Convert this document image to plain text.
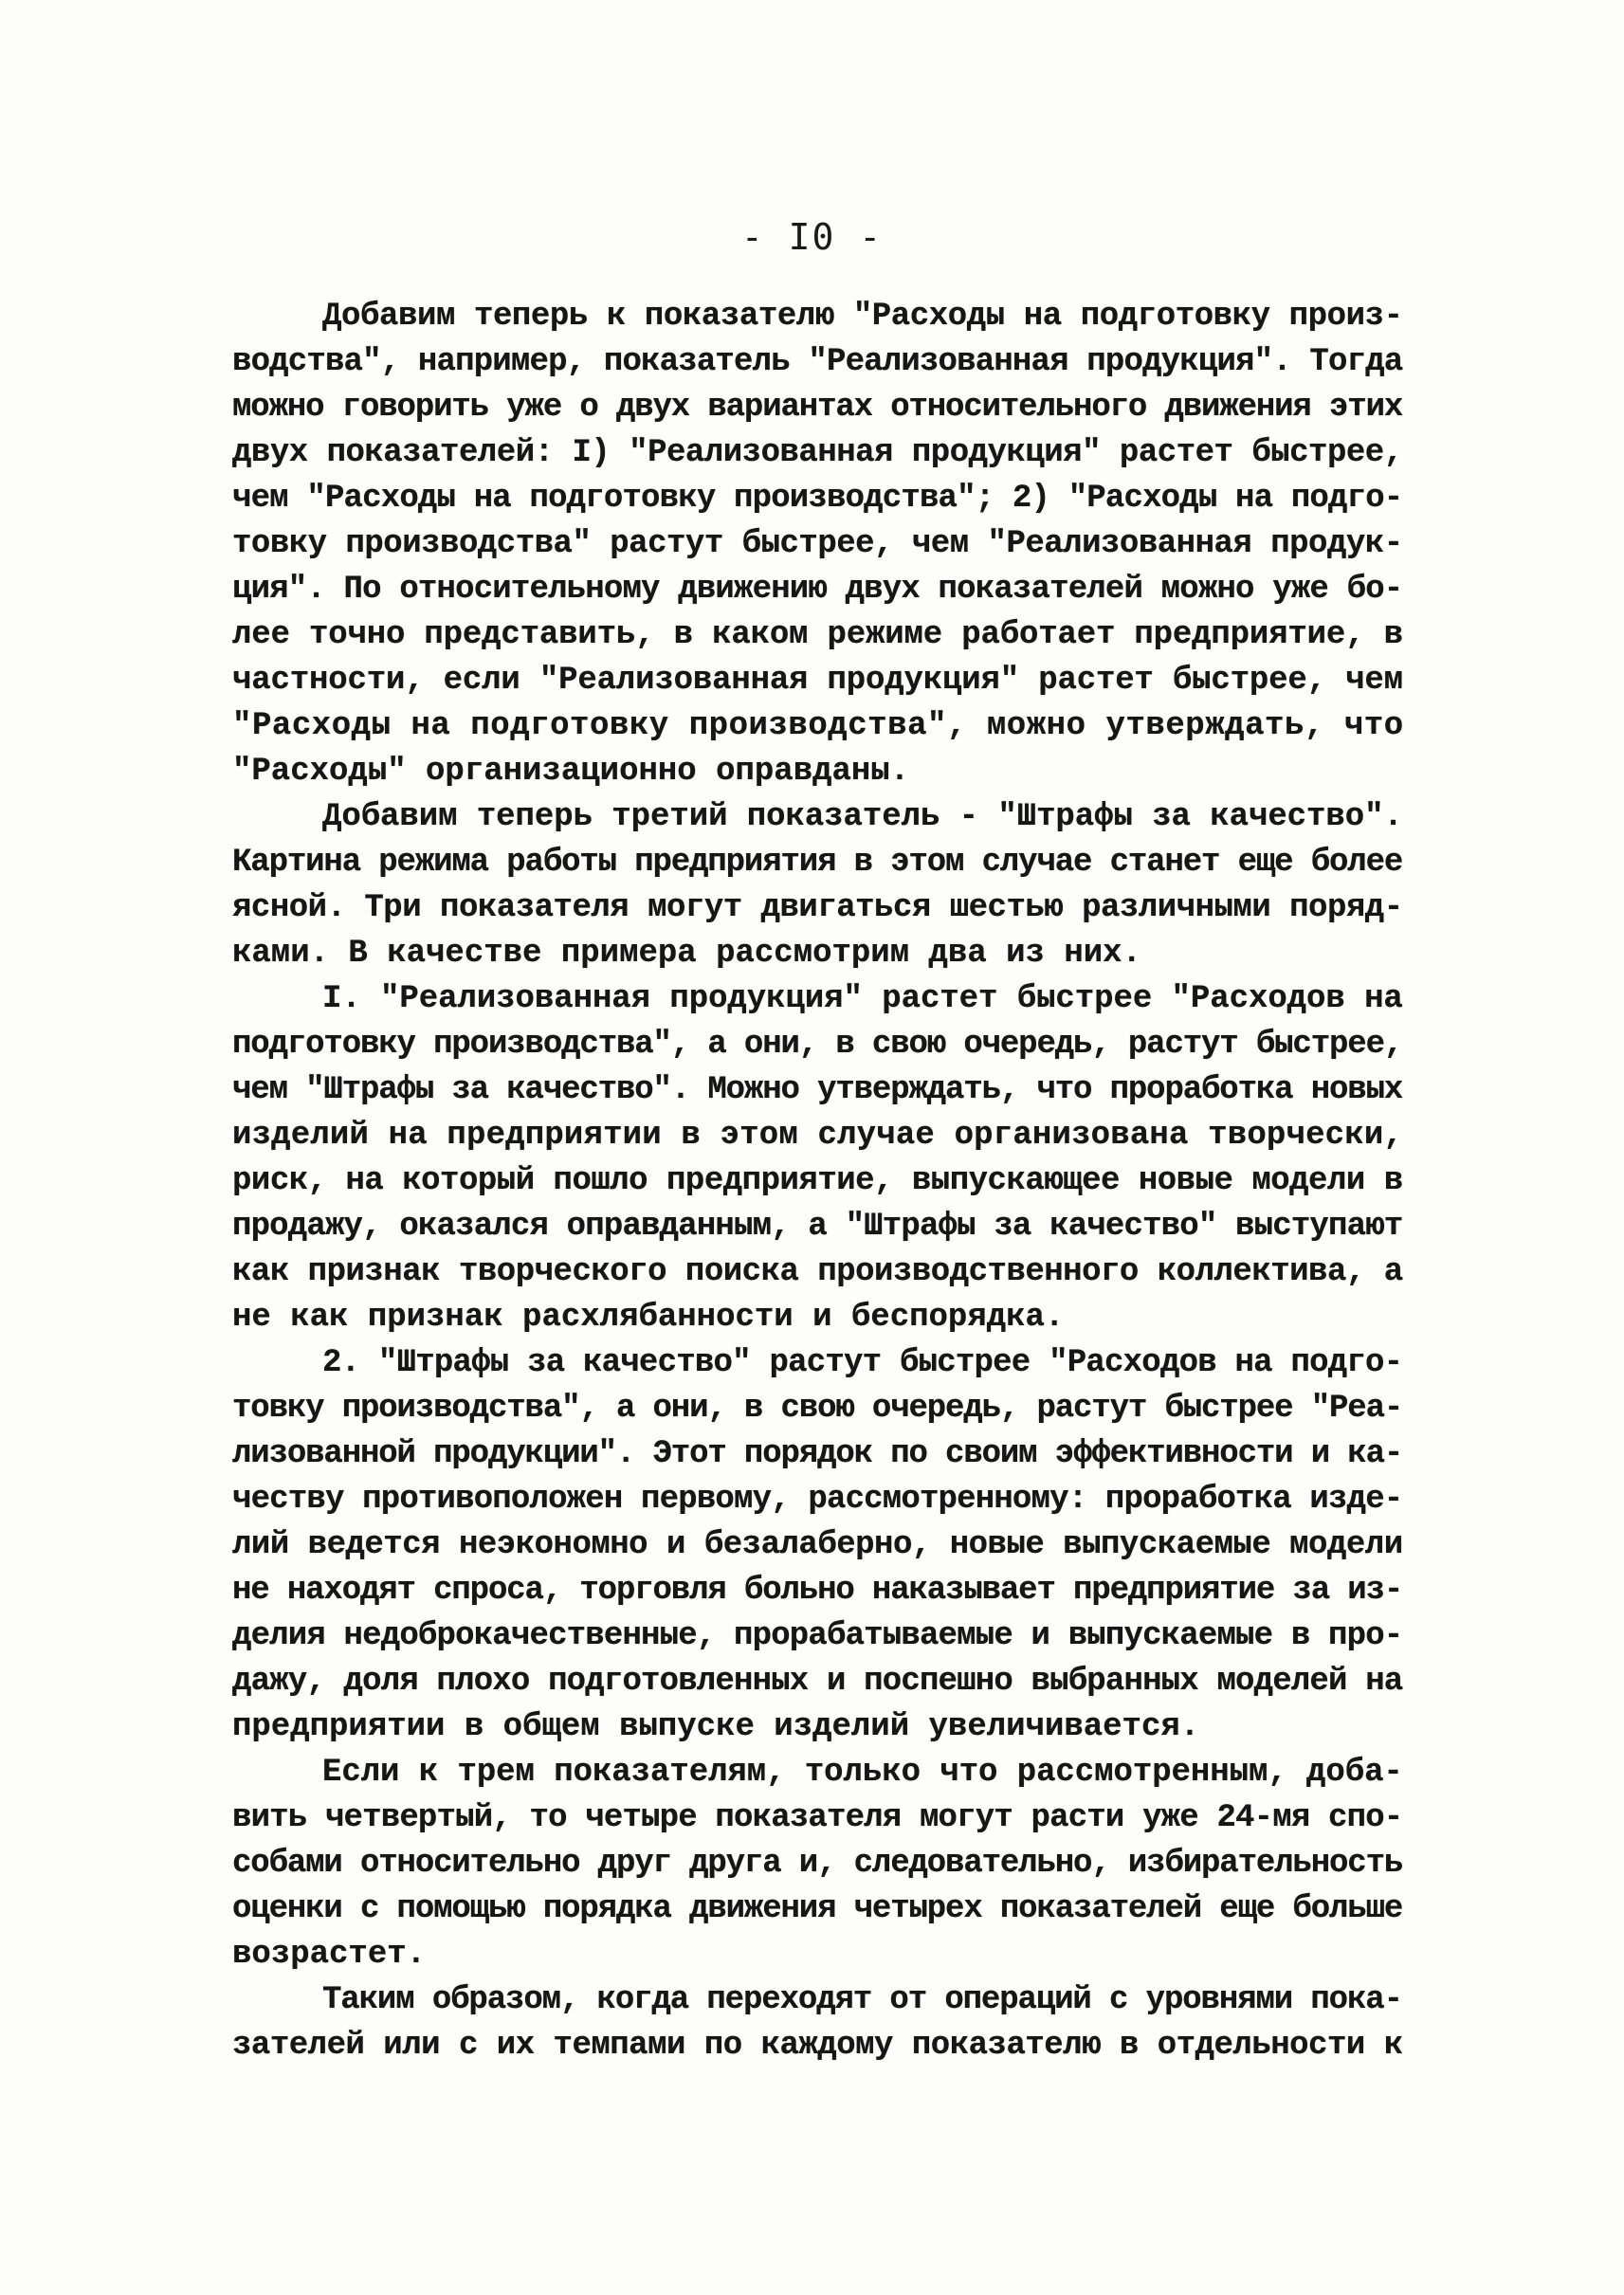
- I0 -
Добавим теперь к показателю "Расходы на подготовку произ-
водства", например, показатель "Реализованная продукция". Тогда
можно говорить уже о двух вариантах относительного движения этих
двух показателей: I) "Реализованная продукция" растет быстрее,
чем "Расходы на подготовку производства"; 2) "Расходы на подго-
товку производства" растут быстрее, чем "Реализованная продук-
ция". По относительному движению двух показателей можно уже бо-
лее точно представить, в каком режиме работает предприятие, в
частности, если "Реализованная продукция" растет быстрее, чем
"Расходы на подготовку производства", можно утверждать, что
"Расходы" организационно оправданы.
Добавим теперь третий показатель - "Штрафы за качество".
Картина режима работы предприятия в этом случае станет еще более
ясной. Три показателя могут двигаться шестью различными поряд-
ками. В качестве примера рассмотрим два из них.
I. "Реализованная продукция" растет быстрее "Расходов на
подготовку производства", а они, в свою очередь, растут быстрее,
чем "Штрафы за качество". Можно утверждать, что проработка новых
изделий на предприятии в этом случае организована творчески,
риск, на который пошло предприятие, выпускающее новые модели в
продажу, оказался оправданным, а "Штрафы за качество" выступают
как признак творческого поиска производственного коллектива, а
не как признак расхлябанности и беспорядка.
2. "Штрафы за качество" растут быстрее "Расходов на подго-
товку производства", а они, в свою очередь, растут быстрее "Реа-
лизованной продукции". Этот порядок по своим эффективности и ка-
честву противоположен первому, рассмотренному: проработка изде-
лий ведется неэкономно и безалаберно, новые выпускаемые модели
не находят спроса, торговля больно наказывает предприятие за из-
делия недоброкачественные, прорабатываемые и выпускаемые в про-
дажу, доля плохо подготовленных и поспешно выбранных моделей на
предприятии в общем выпуске изделий увеличивается.
Если к трем показателям, только что рассмотренным, доба-
вить четвертый, то четыре показателя могут расти уже 24-мя спо-
собами относительно друг друга и, следовательно, избирательность
оценки с помощью порядка движения четырех показателей еще больше
возрастет.
Таким образом, когда переходят от операций с уровнями пока-
зателей или с их темпами по каждому показателю в отдельности к
